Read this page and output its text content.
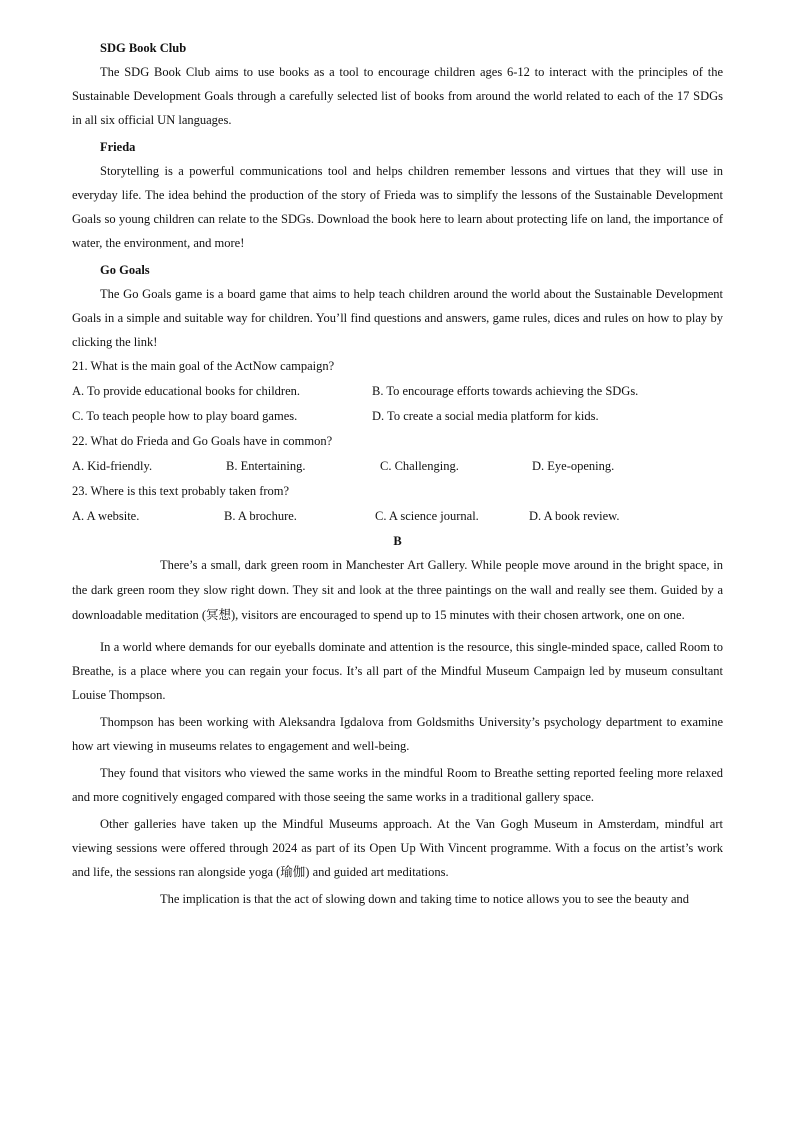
SDG Book Club

The SDG Book Club aims to use books as a tool to encourage children ages 6-12 to interact with the principles of the Sustainable Development Goals through a carefully selected list of books from around the world related to each of the 17 SDGs in all six official UN languages.

Frieda

Storytelling is a powerful communications tool and helps children remember lessons and virtues that they will use in everyday life. The idea behind the production of the story of Frieda was to simplify the lessons of the Sustainable Development Goals so young children can relate to the SDGs. Download the book here to learn about protecting life on land, the importance of water, the environment, and more!

Go Goals

The Go Goals game is a board game that aims to help teach children around the world about the Sustainable Development Goals in a simple and suitable way for children. You’ll find questions and answers, game rules, dices and rules on how to play by clicking the link!

21. What is the main goal of the ActNow campaign?

A. To provide educational books for children.	B. To encourage efforts towards achieving the SDGs.
C. To teach people how to play board games.	D. To create a social media platform for kids.

22. What do Frieda and Go Goals have in common?

A. Kid-friendly.	B. Entertaining.	C. Challenging.	D. Eye-opening.

23. Where is this text probably taken from?

A. A website.	B. A brochure.	C. A science journal.	D. A book review.

B

There’s a small, dark green room in Manchester Art Gallery. While people move around in the bright space, in the dark green room they slow right down. They sit and look at the three paintings on the wall and really see them. Guided by a downloadable meditation (冥想), visitors are encouraged to spend up to 15 minutes with their chosen artwork, one on one.

In a world where demands for our eyeballs dominate and attention is the resource, this single-minded space, called Room to Breathe, is a place where you can regain your focus. It’s all part of the Mindful Museum Campaign led by museum consultant Louise Thompson.

Thompson has been working with Aleksandra Igdalova from Goldsmiths University’s psychology department to examine how art viewing in museums relates to engagement and well-being.

They found that visitors who viewed the same works in the mindful Room to Breathe setting reported feeling more relaxed and more cognitively engaged compared with those seeing the same works in a traditional gallery space.

Other galleries have taken up the Mindful Museums approach. At the Van Gogh Museum in Amsterdam, mindful art viewing sessions were offered through 2024 as part of its Open Up With Vincent programme. With a focus on the artist’s work and life, the sessions ran alongside yoga (瑜伽) and guided art meditations.

The implication is that the act of slowing down and taking time to notice allows you to see the beauty and
